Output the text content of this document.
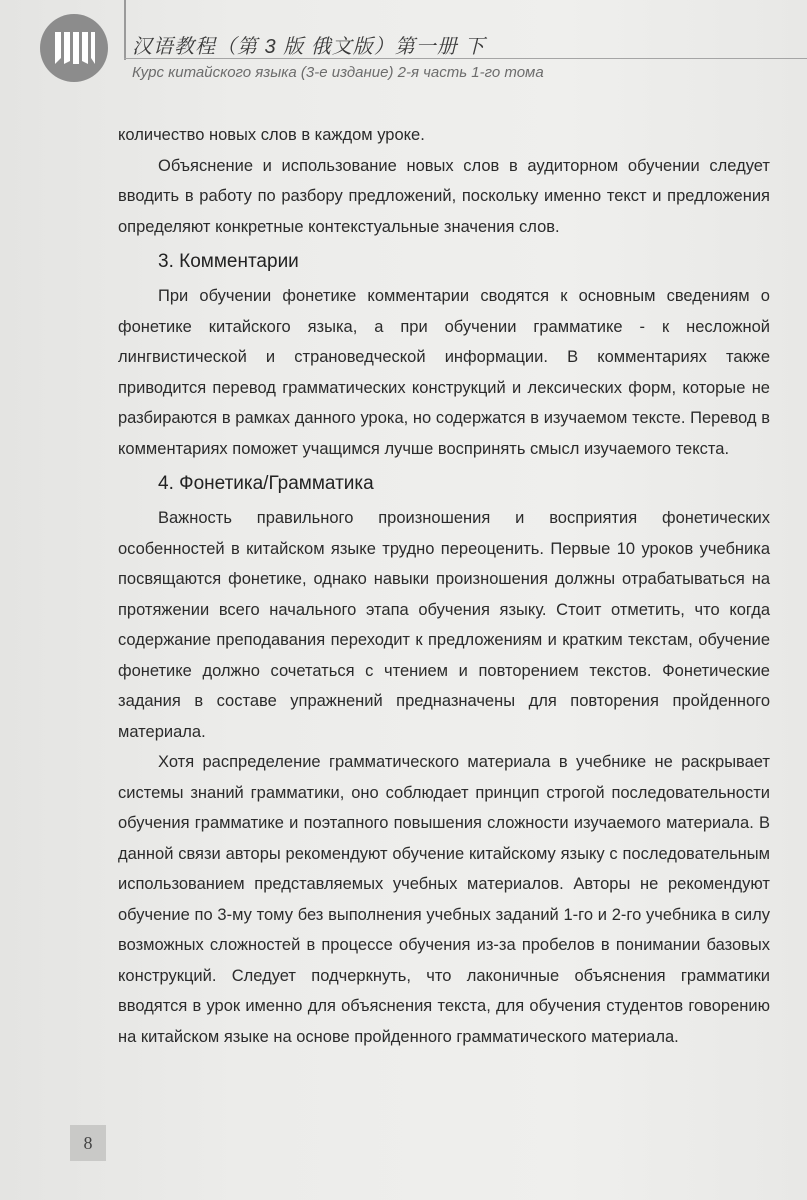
汉语教程（第 3 版 俄文版）第一册 下
Курс китайского языка (3-е издание) 2-я часть 1-го тома

количество новых слов в каждом уроке.

Объяснение и использование новых слов в аудиторном обучении следует вводить в работу по разбору предложений, поскольку именно текст и предложения определяют конкретные контекстуальные значения слов.

3. Комментарии

При обучении фонетике комментарии сводятся к основным сведениям о фонетике китайского языка, а при обучении грамматике - к несложной лингвистической и страноведческой информации. В комментариях также приводится перевод грамматических конструкций и лексических форм, которые не разбираются в рамках данного урока, но содержатся в изучаемом тексте. Перевод в комментариях поможет учащимся лучше воспринять смысл изучаемого текста.

4. Фонетика/Грамматика

Важность правильного произношения и восприятия фонетических особенностей в китайском языке трудно переоценить. Первые 10 уроков учебника посвящаются фонетике, однако навыки произношения должны отрабатываться на протяжении всего начального этапа обучения языку. Стоит отметить, что когда содержание преподавания переходит к предложениям и кратким текстам, обучение фонетике должно сочетаться с чтением и повторением текстов. Фонетические задания в составе упражнений предназначены для повторения пройденного материала.

Хотя распределение грамматического материала в учебнике не раскрывает системы знаний грамматики, оно соблюдает принцип строгой последовательности обучения грамматике и поэтапного повышения сложности изучаемого материала. В данной связи авторы рекомендуют обучение китайскому языку с последовательным использованием представляемых учебных материалов. Авторы не рекомендуют обучение по 3-му тому без выполнения учебных заданий 1-го и 2-го учебника в силу возможных сложностей в процессе обучения из-за пробелов в понимании базовых конструкций. Следует подчеркнуть, что лаконичные объяснения грамматики вводятся в урок именно для объяснения текста, для обучения студентов говорению на китайском языке на основе пройденного грамматического материала.

8
